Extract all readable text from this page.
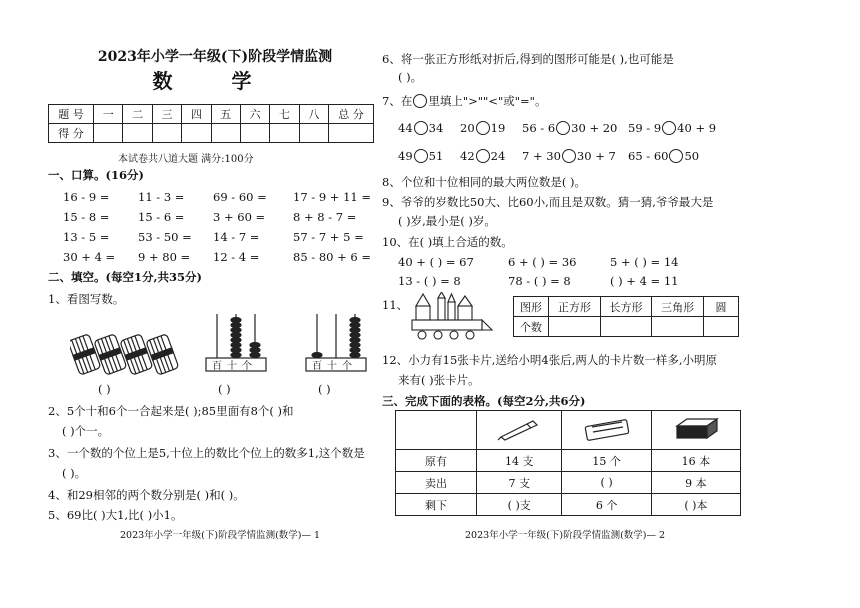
2023年小学一年级(下)阶段学情监测
数 学
题 号	一	二	三	四	五	六	七	八	总 分
得 分									
本试卷共八道大题 满分:100分
一、口算。(16分)
16 - 9 = 11 - 3 = 69 - 60 = 17 - 9 + 11 =
15 - 8 = 15 - 6 = 3 + 60 = 8 + 8 - 7 =
13 - 5 = 53 - 50 = 14 - 7 =	57 - 7 + 5 =
30 + 4 = 9 + 80 = 12 - 4 =	85 - 80 + 6 =
二、填空。(每空1分,共35分)
1、看图写数。
( )
百十个
( )
百十个
( )
2、5个十和6个一合起来是( );85里面有8个( )和
( )个一。
3、一个数的个位上是5,十位上的数比个位上的数多1,这个数是
( )。
4、和29相邻的两个数分别是( )和( )。
5、69比( )大1,比( )小1。
2023年小学一年级(下)阶段学情监测(数学)— 1
6、将一张正方形纸对折后,得到的图形可能是( ),也可能是
( )。
7、在 里填上">""<"或"="。
44 34 20 19 56 - 6 30 + 20 59 - 9 40 + 9
49 51 42 24 7 + 30 30 + 7 65 - 60 50
8、个位和十位相同的最大两位数是( )。
9、爷爷的岁数比50大、比60小,而且是双数。猜一猜,爷爷最大是
( )岁,最小是( )岁。
10、在( )填上合适的数。
40 + ( ) = 67	6 + ( ) = 36	5 + ( ) = 14
13 - ( ) = 8	78 - ( ) = 8	( ) + 4 = 11
11、	图形	正方形	长方形	三角形	圆
个数				
12、小力有15张卡片,送给小明4张后,两人的卡片数一样多,小明原
来有( )张卡片。
三、完成下面的表格。(每空2分,共6分)

原有	14 支	15 个	16 本
卖出	7 支	( )	9 本
剩下	( )支	6 个	( )本
2023年小学一年级(下)阶段学情监测(数学)— 2
